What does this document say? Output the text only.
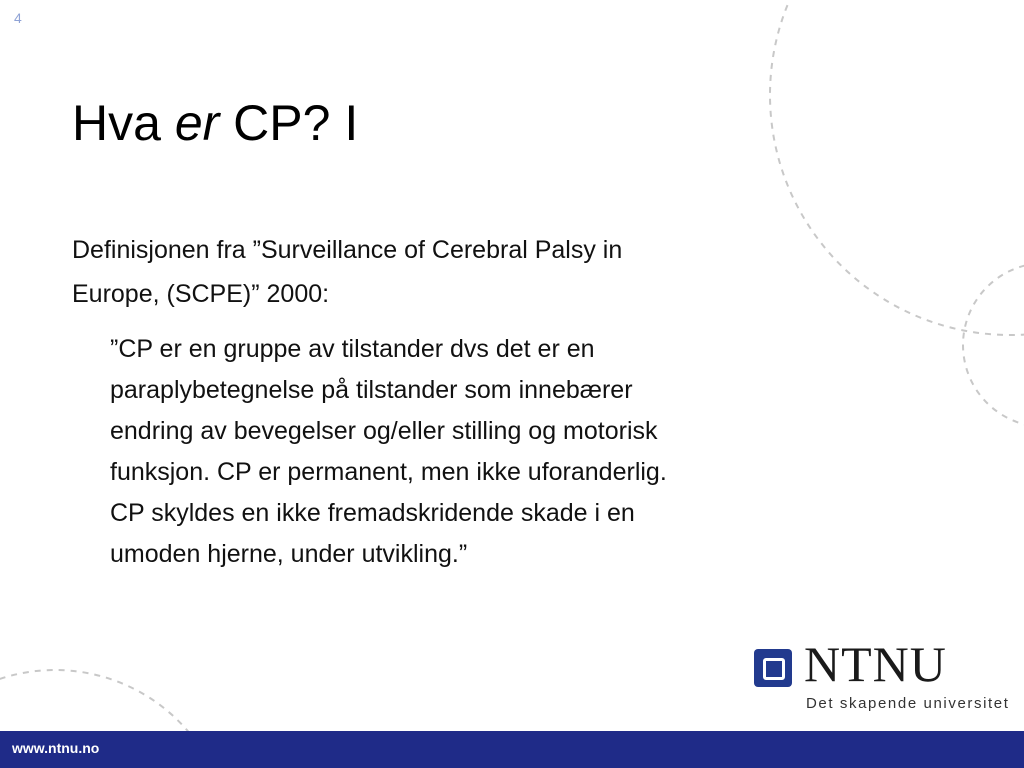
4
Hva er CP? I
Definisjonen fra ”Surveillance of Cerebral Palsy in
Europe, (SCPE)” 2000:
”CP er en gruppe av tilstander dvs det er en
paraplybetegnelse på tilstander som innebærer
endring av bevegelser og/eller stilling og motorisk
funksjon. CP er permanent, men ikke uforanderlig.
CP skyldes en ikke fremadskridende skade i en
umoden hjerne, under utvikling.”
NTNU
Det skapende universitet
www.ntnu.no
